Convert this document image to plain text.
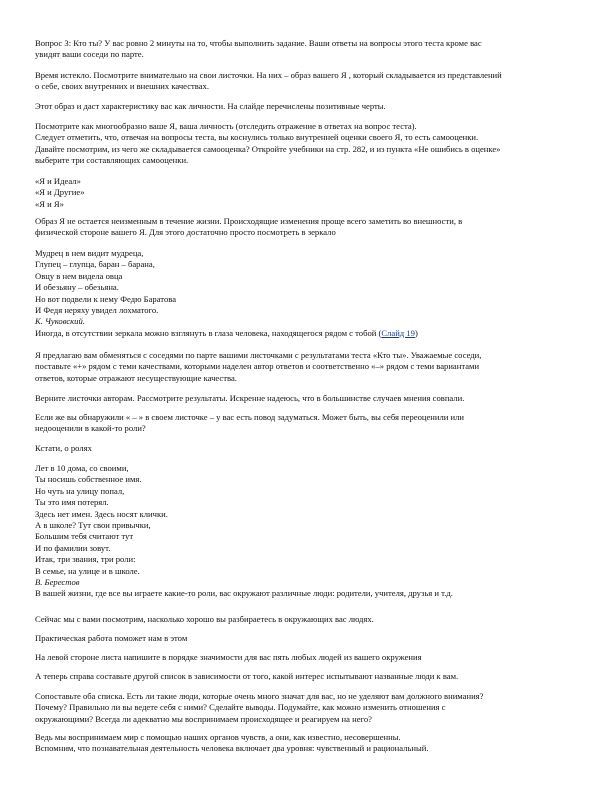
Вопрос 3: Кто ты? У вас ровно 2 минуты на то, чтобы выполнить задание. Ваши ответы на вопросы этого теста кроме вас
увидят ваши соседи по парте.
Время истекло. Посмотрите внимательно на свои листочки. На них – образ вашего Я , который складывается из представлений
о себе, своих внутренних и внешних качествах.
Этот образ и даст характеристику вас как личности. На слайде перечислены позитивные черты.
Посмотрите как многообразно ваше Я, ваша личность (отследить отражение в ответах на вопрос теста).
Следует отметить, что, отвечая на вопросы теста, вы коснулись только внутренней оценки своего Я, то есть самооценки.
Давайте посмотрим, из чего же складывается самооценка? Откройте учебники на стр. 282, и из пункта «Не ошибись в оценке»
выберите три составляющих самооценки.
«Я и Идеал»
«Я и Другие»
«Я и Я»
Образ Я не остается неизменным в течение жизни. Происходящие изменения проще всего заметить во внешности, в
физической стороне вашего Я. Для этого достаточно просто посмотреть в зеркало
Мудрец в нем видит мудреца,
Глупец – глупца, баран – барана,
Овцу в нем видела овца
И обезьяну – обезьяна.
Но вот подвели к нему Федю Баратова
И Федя неряху увидел лохматого.
К. Чуковский.
Иногда, в отсутствии зеркала можно взглянуть в глаза человека, находящегося рядом с тобой (Слайд 19)
Я предлагаю вам обменяться с соседями по парте вашими листочками с результатами теста «Кто ты». Уважаемые соседи,
поставьте «+» рядом с теми качествами, которыми наделен автор ответов и соответственно «–» рядом с теми вариантами
ответов, которые отражают несуществующие качества.
Верните листочки авторам. Рассмотрите результаты. Искренне надеюсь, что в большинстве случаев мнения совпали.
Если же вы обнаружили « – » в своем листочке – у вас есть повод задуматься. Может быть, вы себя переоценили или
недооценили в какой-то роли?
Кстати, о ролях
Лет в 10 дома, со своими,
Ты носишь собственное имя.
Но чуть на улицу попал,
Ты это имя потерял.
Здесь нет имен. Здесь носят клички.
А в школе? Тут свои привычки,
Большим тебя считают тут
И по фамилии зовут.
Итак, три звания, три роли:
В семье, на улице и в школе.
В. Берестов
В вашей жизни, где все вы играете какие-то роли, вас окружают различные люди: родители, учителя, друзья и т.д.
Сейчас мы с вами посмотрим, насколько хорошо вы разбираетесь в окружающих вас людях.
Практическая работа поможет нам в этом
На левой стороне листа напишите в порядке значимости для вас пять любых людей из вашего окружения
А теперь справа составьте другой список в зависимости от того, какой интерес испытывают названные люди к вам.
Сопоставьте оба списка. Есть ли такие люди, которые очень много значат для вас, но не уделяют вам должного внимания?
Почему? Правильно ли вы ведете себя с ними? Сделайте выводы. Подумайте, как можно изменить отношения с
окружающими? Всегда ли адекватно мы воспринимаем происходящее и реагируем на него?
Ведь мы воспринимаем мир с помощью наших органов чувств, а они, как известно, несовершенны.
Вспомним, что познавательная деятельность человека включает два уровня: чувственный и рациональный.
